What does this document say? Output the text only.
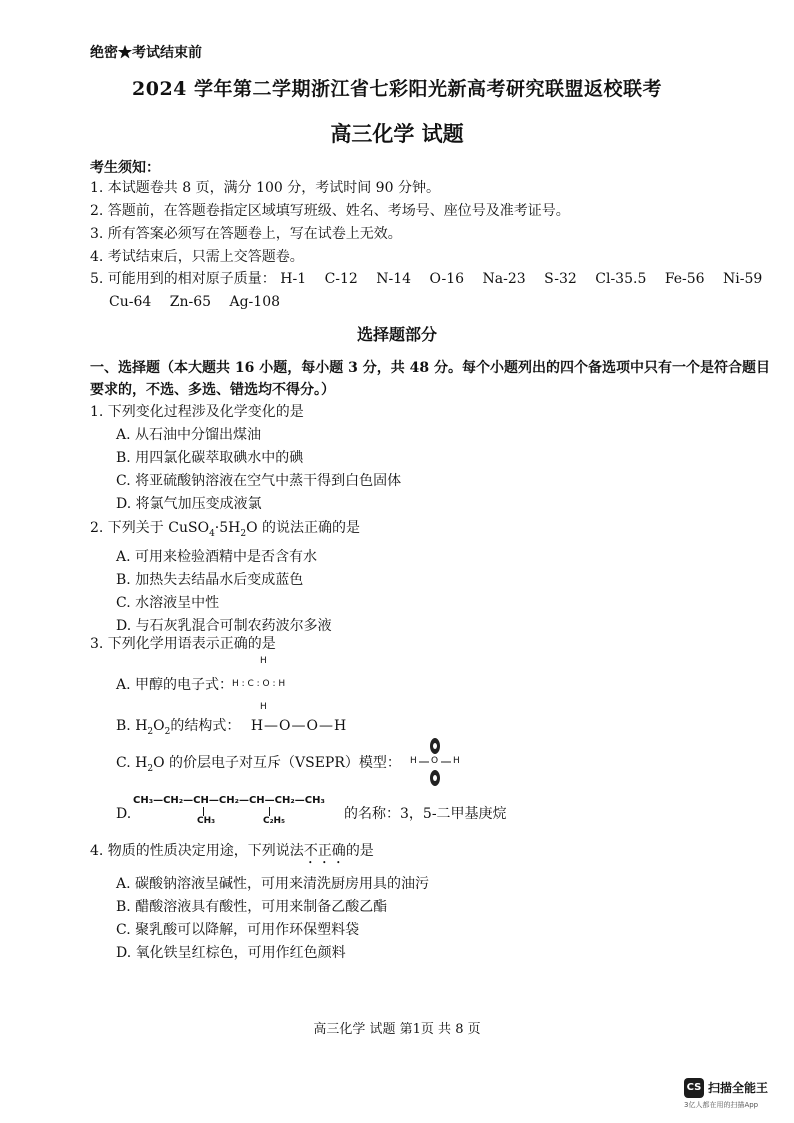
绝密★考试结束前
2024 学年第二学期浙江省七彩阳光新高考研究联盟返校联考
高三化学 试题
考生须知：
1. 本试题卷共 8 页，满分 100 分，考试时间 90 分钟。
2. 答题前，在答题卷指定区域填写班级、姓名、考场号、座位号及准考证号。
3. 所有答案必须写在答题卷上，写在试卷上无效。
4. 考试结束后，只需上交答题卷。
5. 可能用到的相对原子质量： H-1 C-12 N-14 O-16 Na-23 S-32 Cl-35.5 Fe-56 Ni-59
Cu-64 Zn-65 Ag-108
选择题部分
一、选择题（本大题共 16 小题，每小题 3 分，共 48 分。每个小题列出的四个备选项中只有一个是符合题目要求的，不选、多选、错选均不得分。）
1. 下列变化过程涉及化学变化的是
A. 从石油中分馏出煤油
B. 用四氯化碳萃取碘水中的碘
C. 将亚硫酸钠溶液在空气中蒸干得到白色固体
D. 将氯气加压变成液氯
2. 下列关于 $CuSO_4\cdot 5H_2O$ 的说法正确的是
A. 可用来检验酒精中是否含有水
B. 加热失去结晶水后变成蓝色
C. 水溶液呈中性
D. 与石灰乳混合可制农药波尔多液
3. 下列化学用语表示正确的是
A. 甲醇的电子式：
H
H : C : O : H
H
B. $H_2O_2$的结构式： H—O—O—H
C. $H_2O$ 的价层电子对互斥（VSEPR）模型： H O H
D.
CH₃—CH₂—CH—CH₂—CH—CH₂—CH₃
CH₃	C₂H₅	的名称：3，5-二甲基庚烷
4. 物质的性质决定用途，下列说法不正确的是
A. 碳酸钠溶液呈碱性，可用来清洗厨房用具的油污
B. 醋酸溶液具有酸性，可用来制备乙酸乙酯
C. 聚乳酸可以降解，可用作环保塑料袋
D. 氧化铁呈红棕色，可用作红色颜料
高三化学 试题 第1页 共 8 页
CS 扫描全能王
3亿人都在用的扫描App
